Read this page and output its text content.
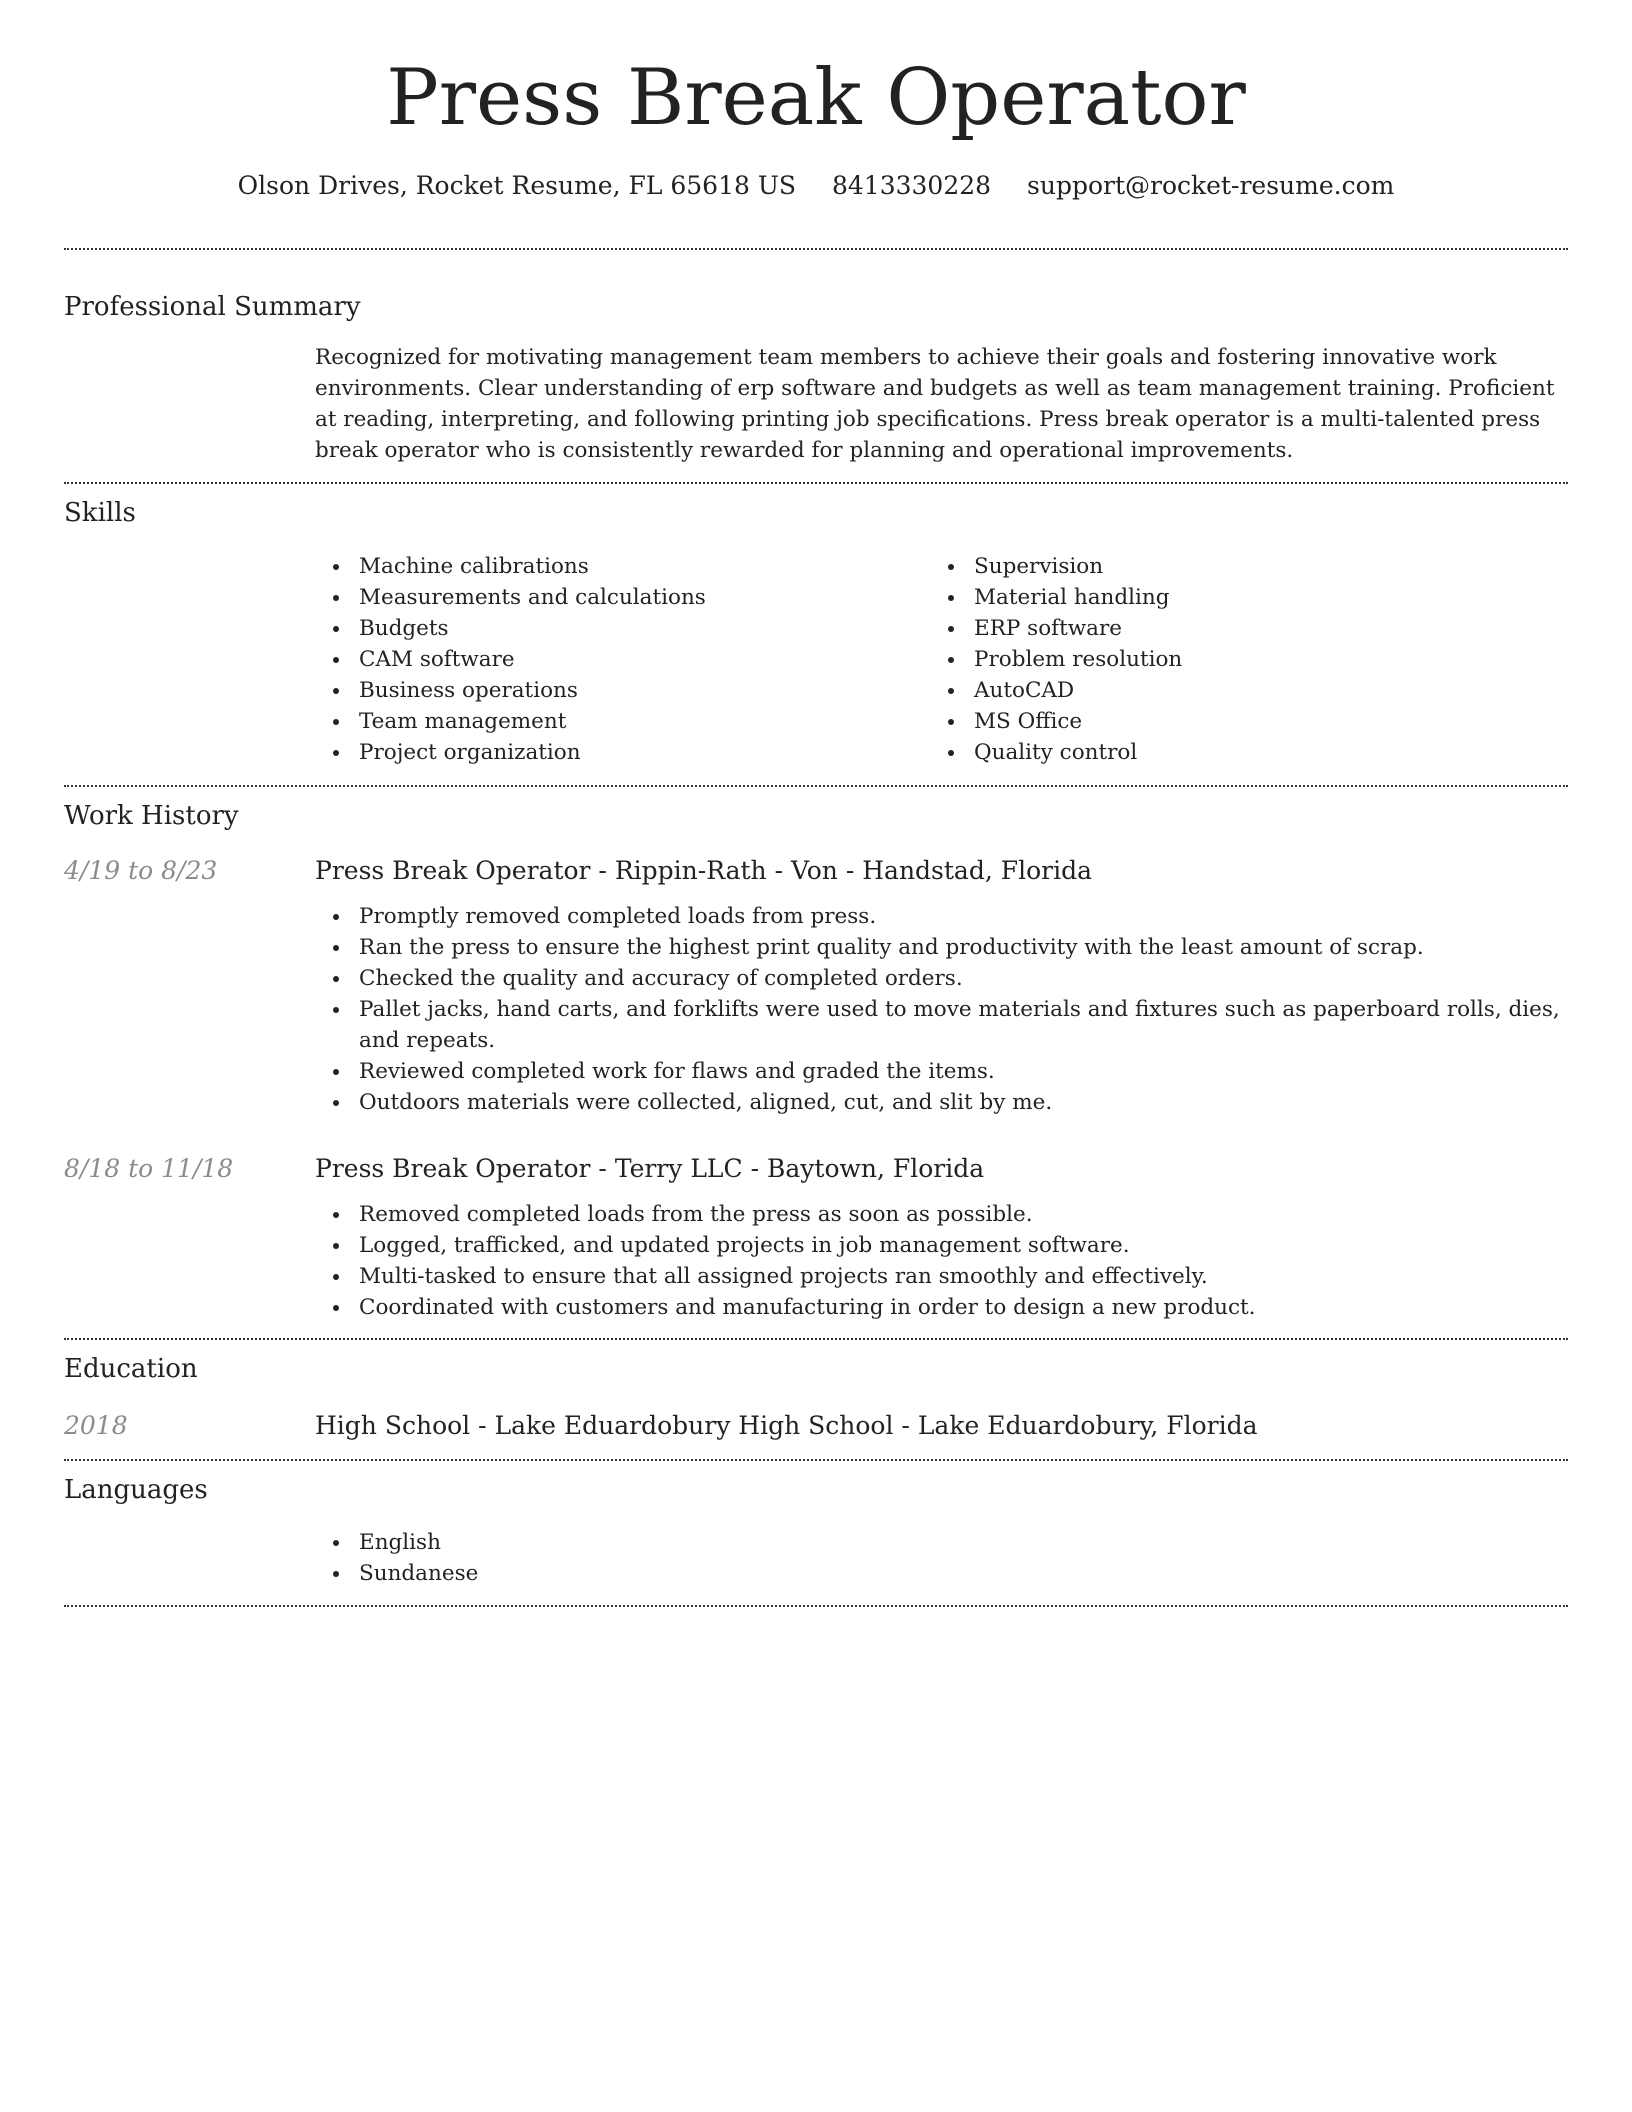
Press Break Operator
Olson Drives, Rocket Resume, FL 65618 US 8413330228 support@rocket-resume.com
Professional Summary

Recognized for motivating management team members to achieve their goals and fostering innovative work environments. Clear understanding of erp software and budgets as well as team management training. Proficient at reading, interpreting, and following printing job specifications. Press break operator is a multi-talented press break operator who is consistently rewarded for planning and operational improvements.

Skills
Machine calibrations
Measurements and calculations
Budgets
CAM software
Business operations
Team management
Project organization
Supervision
Material handling
ERP software
Problem resolution
AutoCAD
MS Office
Quality control
Work History
4/19 to 8/23	Press Break Operator - Rippin-Rath - Von - Handstad, Florida
Promptly removed completed loads from press.
Ran the press to ensure the highest print quality and productivity with the least amount of scrap.
Checked the quality and accuracy of completed orders.
Pallet jacks, hand carts, and forklifts were used to move materials and fixtures such as paperboard rolls, dies, and repeats.
Reviewed completed work for flaws and graded the items.
Outdoors materials were collected, aligned, cut, and slit by me.
8/18 to 11/18	Press Break Operator - Terry LLC - Baytown, Florida
Removed completed loads from the press as soon as possible.
Logged, trafficked, and updated projects in job management software.
Multi-tasked to ensure that all assigned projects ran smoothly and effectively.
Coordinated with customers and manufacturing in order to design a new product.
Education
2018	High School - Lake Eduardobury High School - Lake Eduardobury, Florida
Languages
English
Sundanese
